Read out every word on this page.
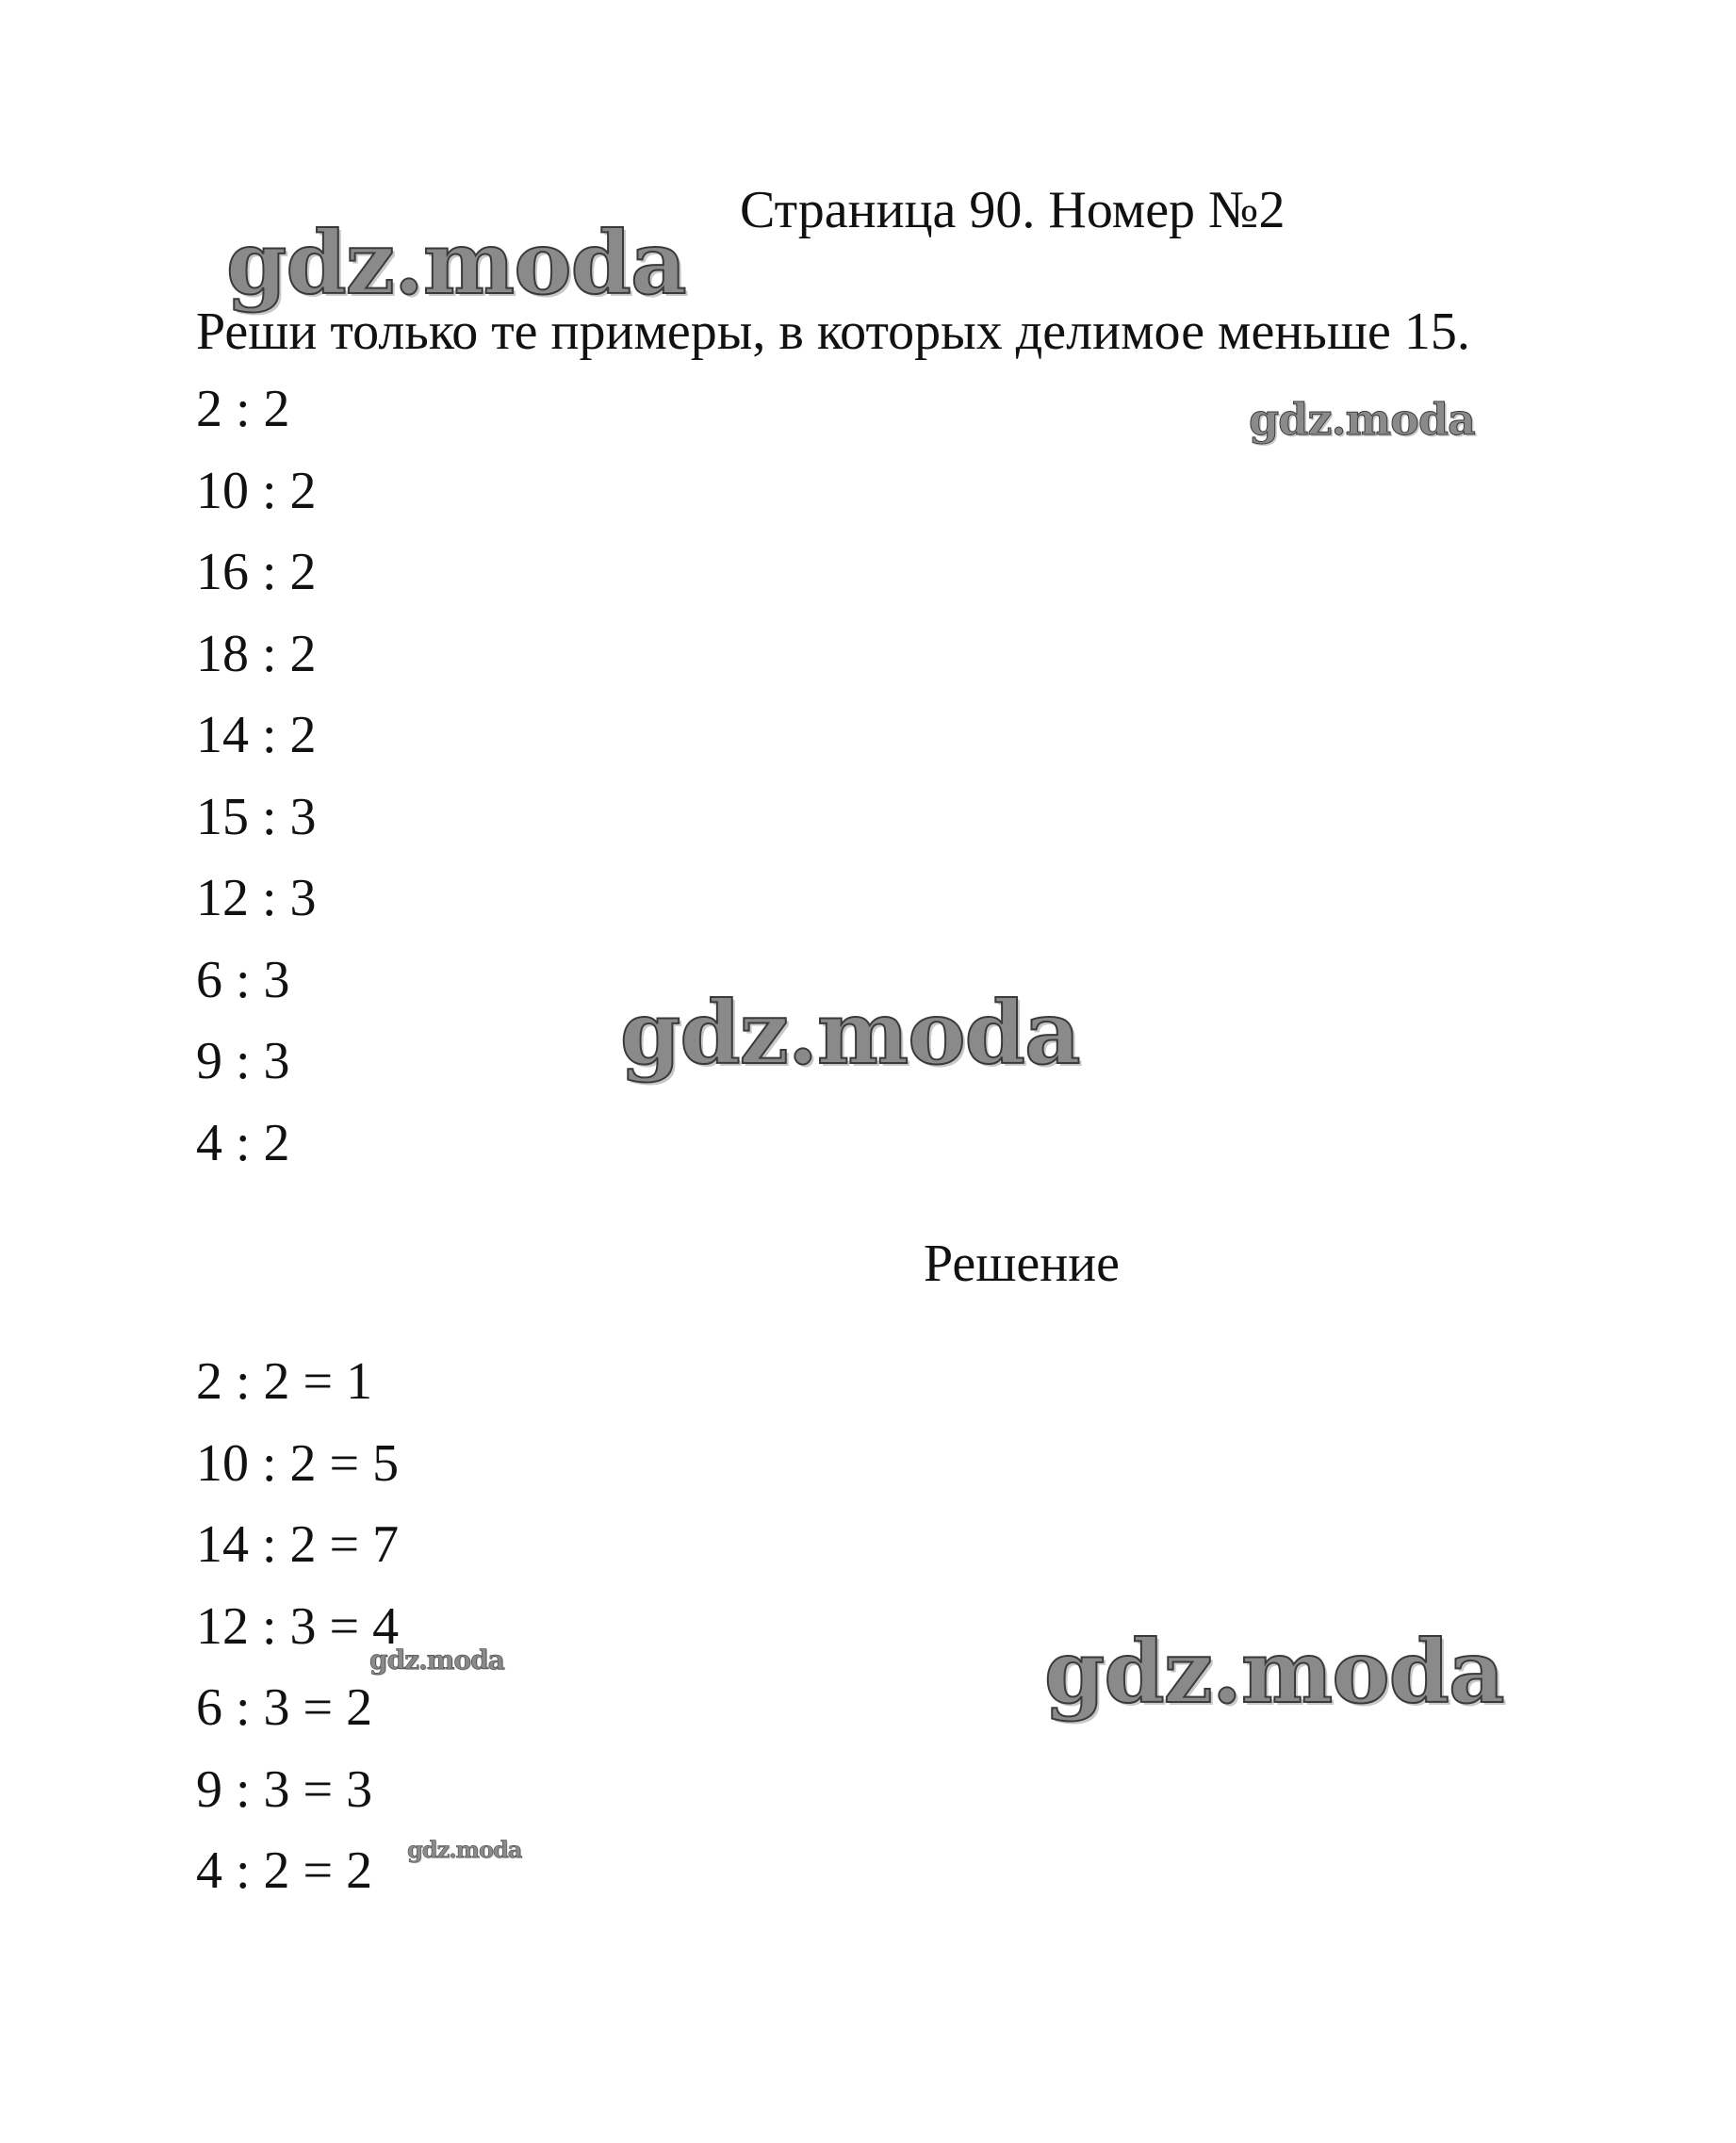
Страница 90. Номер №2
Реши только те примеры, в которых делимое меньше 15.
2 : 2
10 : 2
16 : 2
18 : 2
14 : 2
15 : 3
12 : 3
6 : 3
9 : 3
4 : 2
Решение
2 : 2 = 1
10 : 2 = 5
14 : 2 = 7
12 : 3 = 4
6 : 3 = 2
9 : 3 = 3
4 : 2 = 2
gdz.moda
gdz.moda
gdz.moda
gdz.moda
gdz.moda
gdz.moda
